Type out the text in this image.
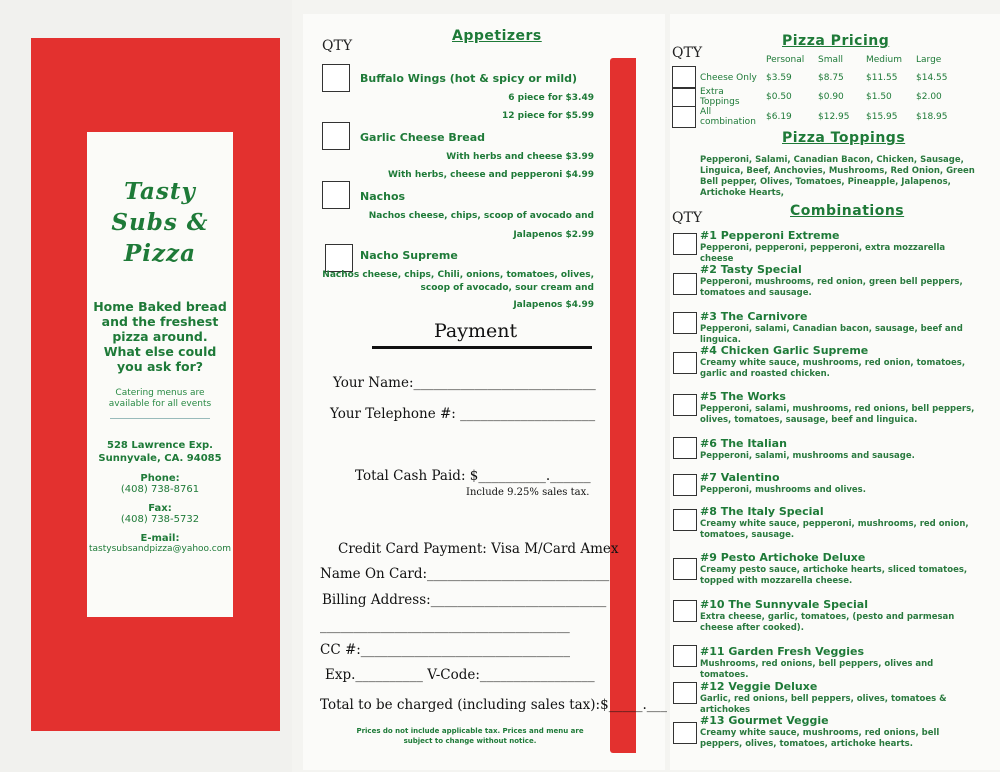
Tasty
Subs &
Pizza
Home Baked bread and the freshest pizza around. What else could you ask for?
Catering menus are available for all events
528 Lawrence Exp.
Sunnyvale, CA. 94085
Phone:
(408) 738-8761
Fax:
(408) 738-5732
E-mail:
tastysubsandpizza@yahoo.com
Appetizers
QTY
Buffalo Wings (hot & spicy or mild)
6 piece for $3.49
12 piece for $5.99
Garlic Cheese Bread
With herbs and cheese $3.99
With herbs, cheese and pepperoni $4.99
Nachos
Nachos cheese, chips, scoop of avocado and
Jalapenos $2.99
Nacho Supreme
Nachos cheese, chips, Chili, onions, tomatoes, olives,
scoop of avocado, sour cream and
Jalapenos $4.99
Payment
Your Name:___________________________
Your Telephone #: ____________________
Total Cash Paid: $__________.______
Include 9.25% sales tax.
Credit Card Payment: Visa M/Card Amex
Name On Card:___________________________
Billing Address:__________________________
_____________________________________
CC #:_______________________________
Exp.__________ V-Code:_________________
Total to be charged (including sales tax):$_____.___
Prices do not include applicable tax. Prices and menu are subject to change without notice.
Pizza Pricing
QTY
		Personal	Small	Medium	Large
Cheese Only	$3.59	$8.75	$11.55	$14.55
Extra Toppings	$0.50	$0.90	$1.50	$2.00
All combination	$6.19	$12.95	$15.95	$18.95
Pizza Toppings
Pepperoni, Salami, Canadian Bacon, Chicken, Sausage, Linguica, Beef, Anchovies, Mushrooms, Red Onion, Green Bell pepper, Olives, Tomatoes, Pineapple, Jalapenos, Artichoke Hearts,
Combinations
QTY
#1 Pepperoni Extreme
Pepperoni, pepperoni, pepperoni, extra mozzarella cheese
#2 Tasty Special
Pepperoni, mushrooms, red onion, green bell peppers, tomatoes and sausage.
#3 The Carnivore
Pepperoni, salami, Canadian bacon, sausage, beef and linguica.
#4 Chicken Garlic Supreme
Creamy white sauce, mushrooms, red onion, tomatoes, garlic and roasted chicken.
#5 The Works
Pepperoni, salami, mushrooms, red onions, bell peppers, olives, tomatoes, sausage, beef and linguica.
#6 The Italian
Pepperoni, salami, mushrooms and sausage.
#7 Valentino
Pepperoni, mushrooms and olives.
#8 The Italy Special
Creamy white sauce, pepperoni, mushrooms, red onion, tomatoes, sausage.
#9 Pesto Artichoke Deluxe
Creamy pesto sauce, artichoke hearts, sliced tomatoes, topped with mozzarella cheese.
#10 The Sunnyvale Special
Extra cheese, garlic, tomatoes, (pesto and parmesan cheese after cooked).
#11 Garden Fresh Veggies
Mushrooms, red onions, bell peppers, olives and tomatoes.
#12 Veggie Deluxe
Garlic, red onions, bell peppers, olives, tomatoes & artichokes
#13 Gourmet Veggie
Creamy white sauce, mushrooms, red onions, bell peppers, olives, tomatoes, artichoke hearts.
